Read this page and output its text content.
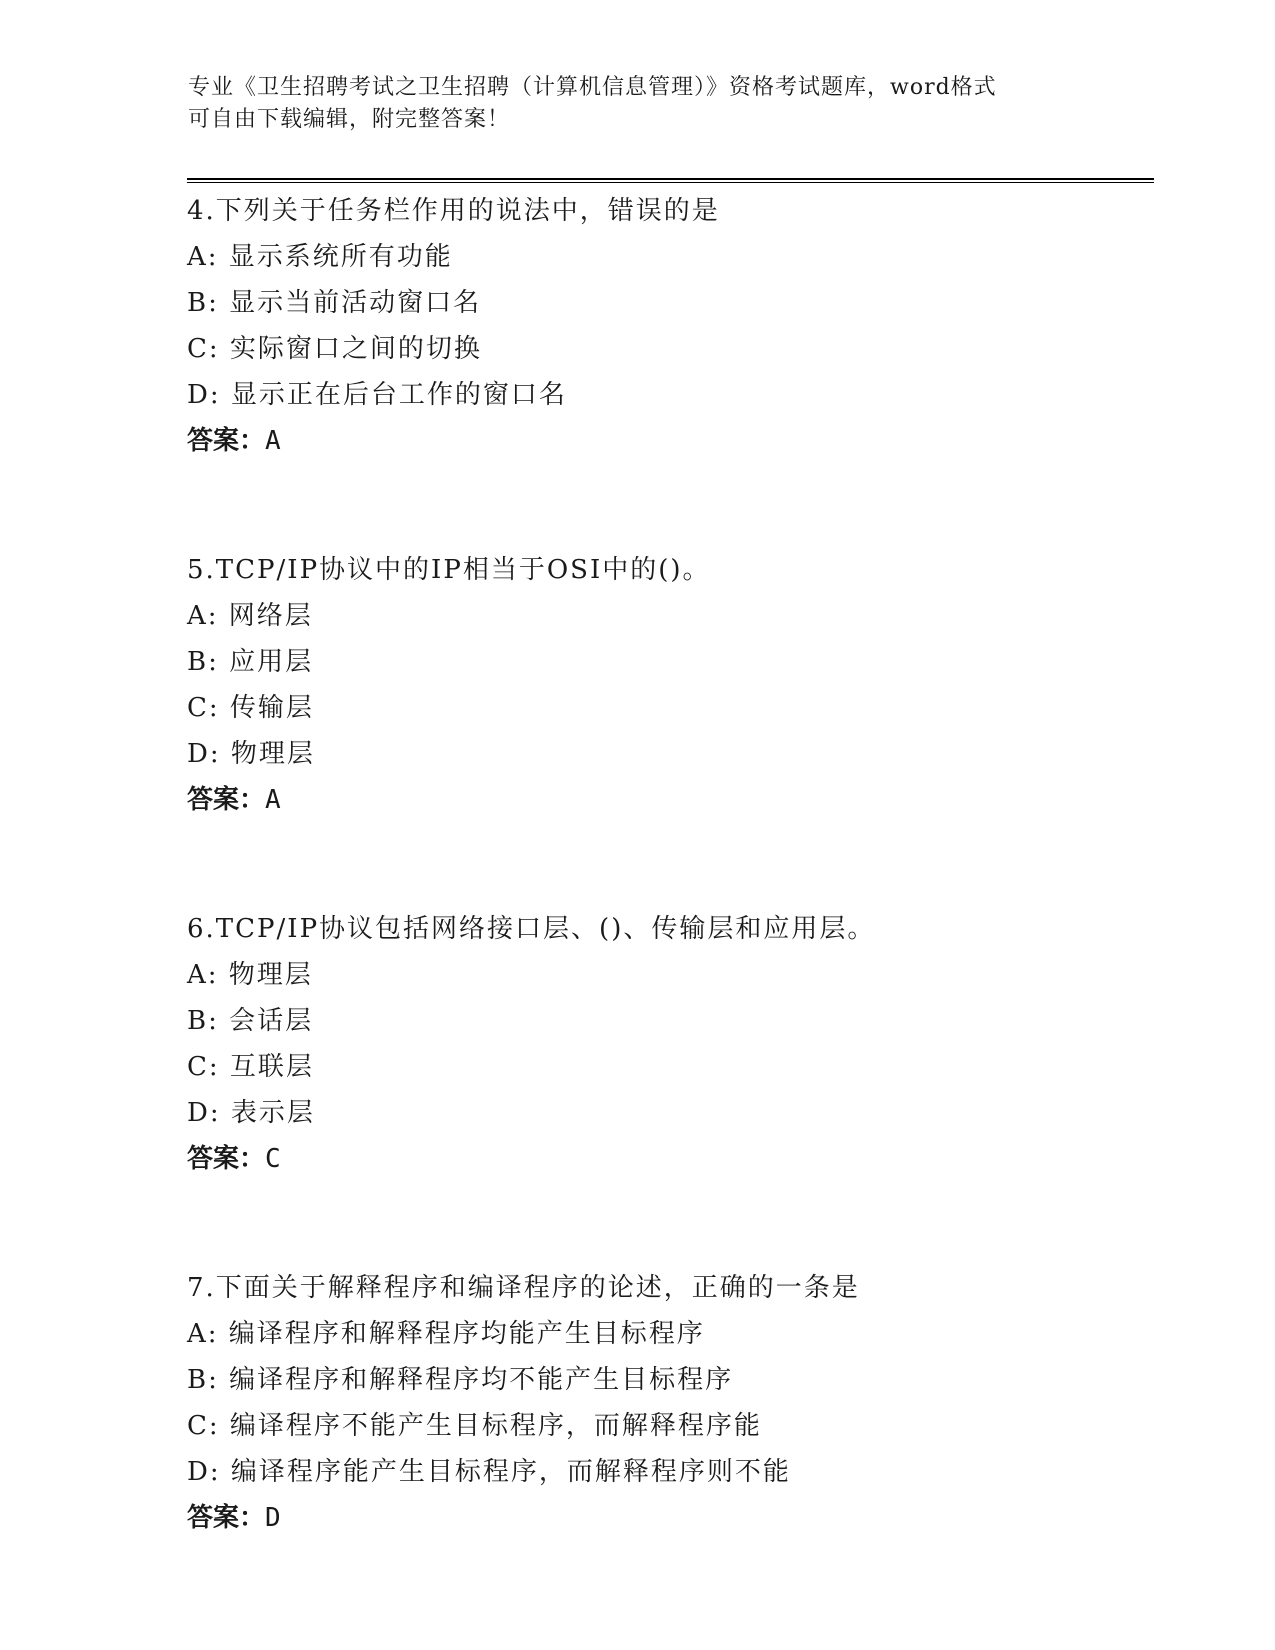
专业《卫生招聘考试之卫生招聘（计算机信息管理）》资格考试题库，word格式
可自由下载编辑，附完整答案！
4.下列关于任务栏作用的说法中，错误的是
A: 显示系统所有功能
B: 显示当前活动窗口名
C: 实际窗口之间的切换
D: 显示正在后台工作的窗口名
答案：A
5.TCP/IP协议中的IP相当于OSI中的()。
A: 网络层
B: 应用层
C: 传输层
D: 物理层
答案：A
6.TCP/IP协议包括网络接口层、()、传输层和应用层。
A: 物理层
B: 会话层
C: 互联层
D: 表示层
答案：C
7.下面关于解释程序和编译程序的论述，正确的一条是
A: 编译程序和解释程序均能产生目标程序
B: 编译程序和解释程序均不能产生目标程序
C: 编译程序不能产生目标程序，而解释程序能
D: 编译程序能产生目标程序，而解释程序则不能
答案：D
